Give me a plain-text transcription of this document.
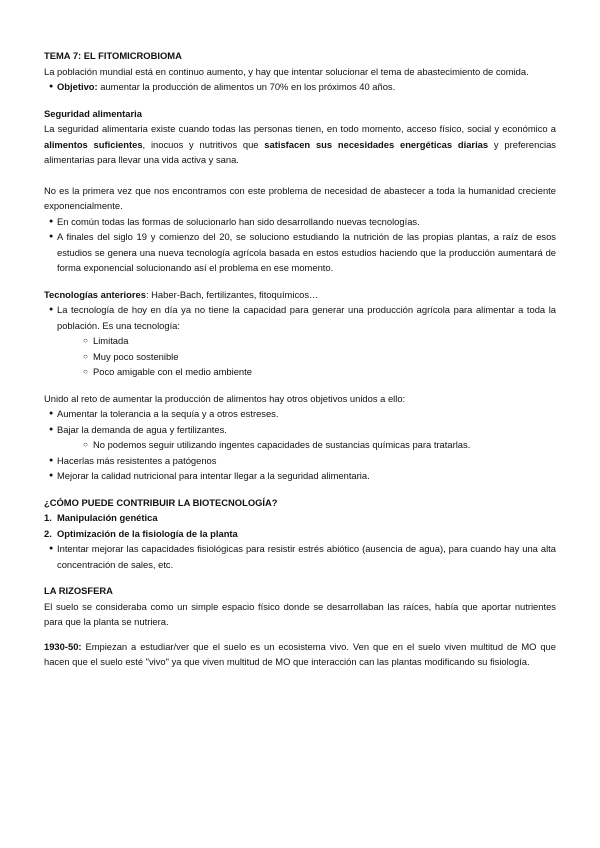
TEMA 7: EL FITOMICROBIOMA

La población mundial está en continuo aumento, y hay que intentar solucionar el tema de abastecimiento de comida.

● Objetivo: aumentar la producción de alimentos un 70% en los próximos 40 años.

Seguridad alimentaria

La seguridad alimentaria existe cuando todas las personas tienen, en todo momento, acceso físico, social y económico a alimentos suficientes, inocuos y nutritivos que satisfacen sus necesidades energéticas diarias y preferencias alimentarias para llevar una vida activa y sana.

No es la primera vez que nos encontramos con este problema de necesidad de abastecer a toda la humanidad creciente exponencialmente.

● En común todas las formas de solucionarlo han sido desarrollando nuevas tecnologías.
● A finales del siglo 19 y comienzo del 20, se soluciono estudiando la nutrición de las propias plantas, a raíz de esos estudios se genera una nueva tecnología agrícola basada en estos estudios haciendo que la producción aumentará de forma exponencial solucionando así el problema en ese momento.

Tecnologías anteriores: Haber-Bach, fertilizantes, fitoquímicos…

● La tecnología de hoy en día ya no tiene la capacidad para generar una producción agrícola para alimentar a toda la población. Es una tecnología:
○ Limitada
○ Muy poco sostenible
○ Poco amigable con el medio ambiente

Unido al reto de aumentar la producción de alimentos hay otros objetivos unidos a ello:

● Aumentar la tolerancia a la sequía y a otros estreses.
● Bajar la demanda de agua y fertilizantes.
○ No podemos seguir utilizando ingentes capacidades de sustancias químicas para tratarlas.
● Hacerlas más resistentes a patógenos
● Mejorar la calidad nutricional para intentar llegar a la seguridad alimentaria.

¿CÓMO PUEDE CONTRIBUIR LA BIOTECNOLOGÍA?

1. Manipulación genética
2. Optimización de la fisiología de la planta
● Intentar mejorar las capacidades fisiológicas para resistir estrés abiótico (ausencia de agua), para cuando hay una alta concentración de sales, etc.

LA RIZOSFERA

El suelo se consideraba como un simple espacio físico donde se desarrollaban las raíces, había que aportar nutrientes para que la planta se nutriera.

1930-50: Empiezan a estudiar/ver que el suelo es un ecosistema vivo. Ven que en el suelo viven multitud de MO que hacen que el suelo esté "vivo" ya que viven multitud de MO que interacción can las plantas modificando su fisiología.
